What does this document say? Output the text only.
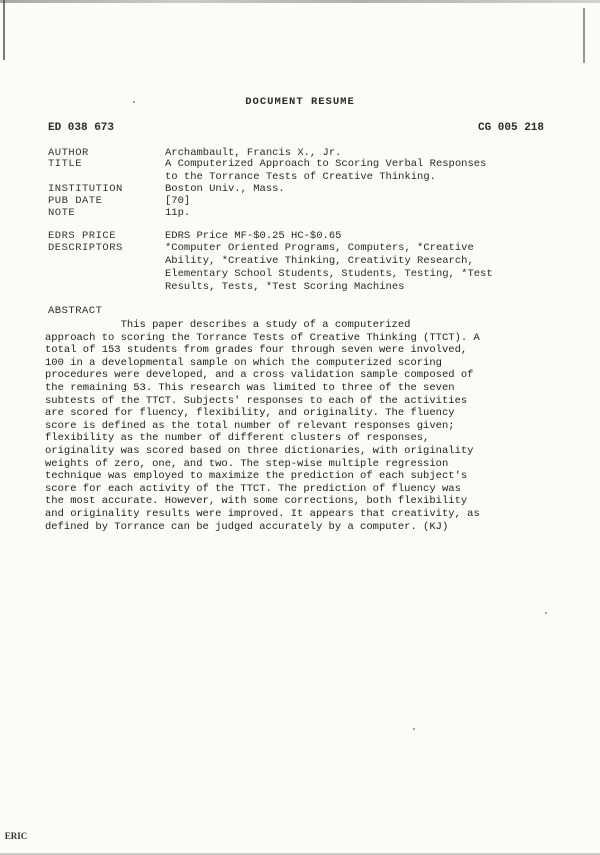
DOCUMENT RESUME
ED 038 673	CG 005 218
AUTHOR	Archambault, Francis X., Jr.
TITLE	A Computerized Approach to Scoring Verbal Responses
to the Torrance Tests of Creative Thinking.
INSTITUTION	Boston Univ., Mass.
PUB DATE	[70]
NOTE	11p.
EDRS PRICE	EDRS Price MF-$0.25 HC-$0.65
DESCRIPTORS	*Computer Oriented Programs, Computers, *Creative
Ability, *Creative Thinking, Creativity Research,
Elementary School Students, Students, Testing, *Test
Results, Tests, *Test Scoring Machines
ABSTRACT
This paper describes a study of a computerized
approach to scoring the Torrance Tests of Creative Thinking (TTCT). A
total of 153 students from grades four through seven were involved,
100 in a developmental sample on which the computerized scoring
procedures were developed, and a cross validation sample composed of
the remaining 53. This research was limited to three of the seven
subtests of the TTCT. Subjects' responses to each of the activities
are scored for fluency, flexibility, and originality. The fluency
score is defined as the total number of relevant responses given;
flexibility as the number of different clusters of responses,
originality was scored based on three dictionaries, with originality
weights of zero, one, and two. The step-wise multiple regression
technique was employed to maximize the prediction of each subject's
score for each activity of the TTCT. The prediction of fluency was
the most accurate. However, with some corrections, both flexibility
and originality results were improved. It appears that creativity, as
defined by Torrance can be judged accurately by a computer. (KJ)
ERIC
